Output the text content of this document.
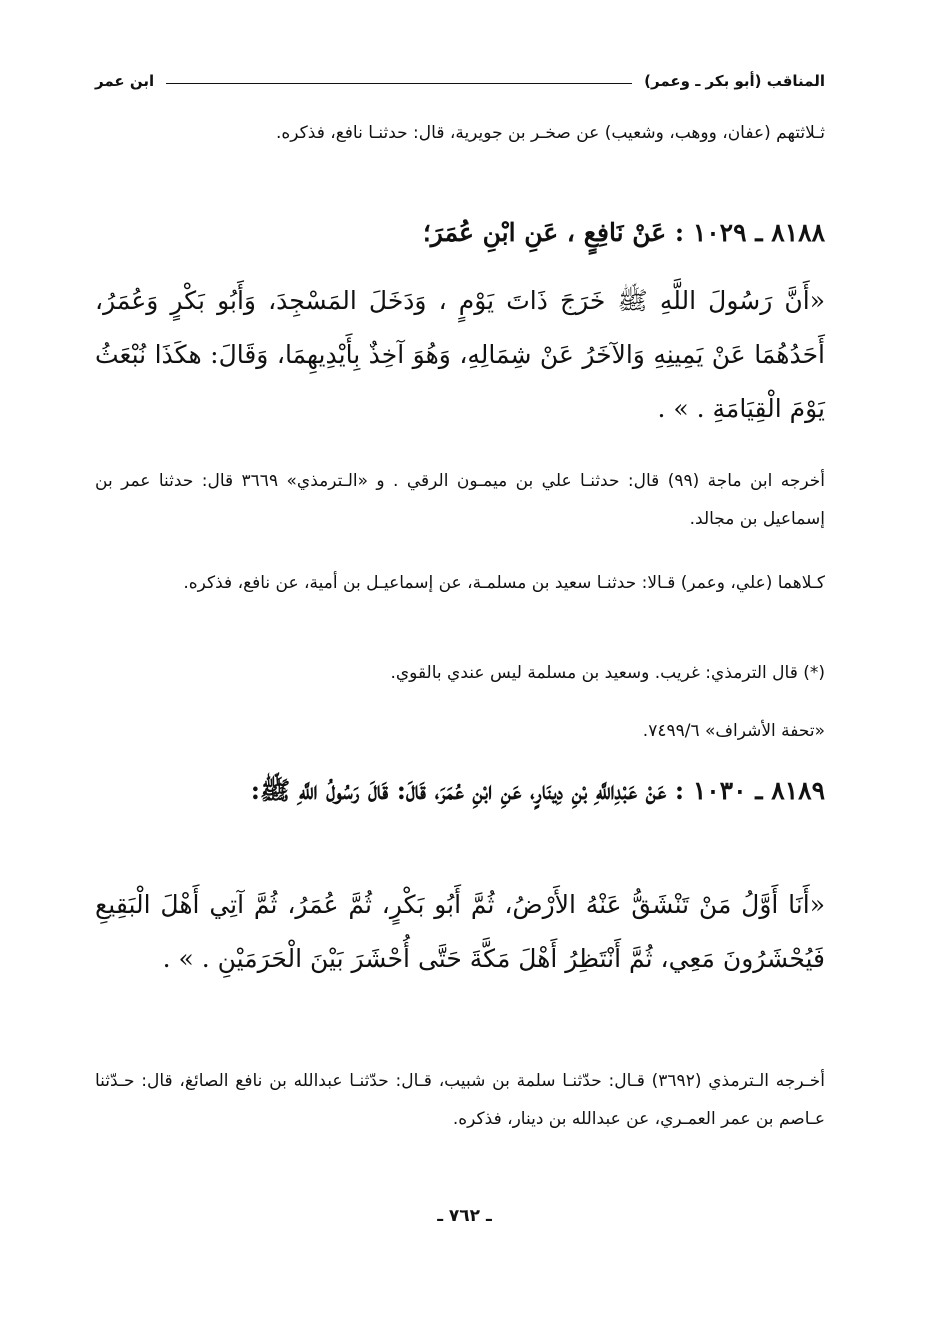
المناقب (أبو بكر ـ وعمر)
ابن عمر
ثـلاثتهم (عفان، ووهب، وشعيب) عن صخـر بن جويرية، قال: حدثنـا نافع، فذكره.
٨١٨٨ ـ ١٠٢٩ : عَنْ نَافِعٍ ، عَنِ ابْنِ عُمَرَ؛
«أَنَّ رَسُولَ اللَّهِ ﷺ خَرَجَ ذَاتَ يَوْمٍ ، وَدَخَلَ المَسْجِدَ، وَأَبُو بَكْرٍ وَعُمَرُ، أَحَدُهُمَا عَنْ يَمِينِهِ وَالآخَرُ عَنْ شِمَالِهِ، وَهُوَ آخِذٌ بِأَيْدِيهِمَا، وَقَالَ: هكَذَا نُبْعَثُ يَوْمَ الْقِيَامَةِ . » .
أخرجه ابن ماجة (٩٩) قال: حدثنـا علي بن ميمـون الرقي . و «الـترمذي» ٣٦٦٩ قال: حدثنا عمر بن إسماعيل بن مجالد.
كـلاهما (علي، وعمر) قـالا: حدثنـا سعيد بن مسلمـة، عن إسماعيـل بن أمية، عن نافع، فذكره.
(*) قال الترمذي: غريب. وسعيد بن مسلمة ليس عندي بالقوي.
«تحفة الأشراف» ٧٤٩٩/٦.
٨١٨٩ ـ ١٠٣٠ : عَنْ عَبْدِاللَّهِ بْنِ دِينَارٍ، عَنِ ابْنِ عُمَرَ، قَالَ: قَالَ رَسُولُ اللَّهِ ﷺ:
«أَنَا أَوَّلُ مَنْ تَنْشَقُّ عَنْهُ الأَرْضُ، ثُمَّ أَبُو بَكْرٍ، ثُمَّ عُمَرُ، ثُمَّ آتِي أَهْلَ الْبَقِيعِ فَيُحْشَرُونَ مَعِي، ثُمَّ أَنْتَظِرُ أَهْلَ مَكَّةَ حَتَّى أُحْشَرَ بَيْنَ الْحَرَمَيْنِ . » .
أخـرجه الـترمذي (٣٦٩٢) قـال: حدّثنـا سلمة بن شبيب، قـال: حدّثنـا عبدالله بن نافع الصائغ، قال: حـدّثنا عـاصم بن عمر العمـري، عن عبدالله بن دينار، فذكره.
ـ ٧٦٢ ـ
